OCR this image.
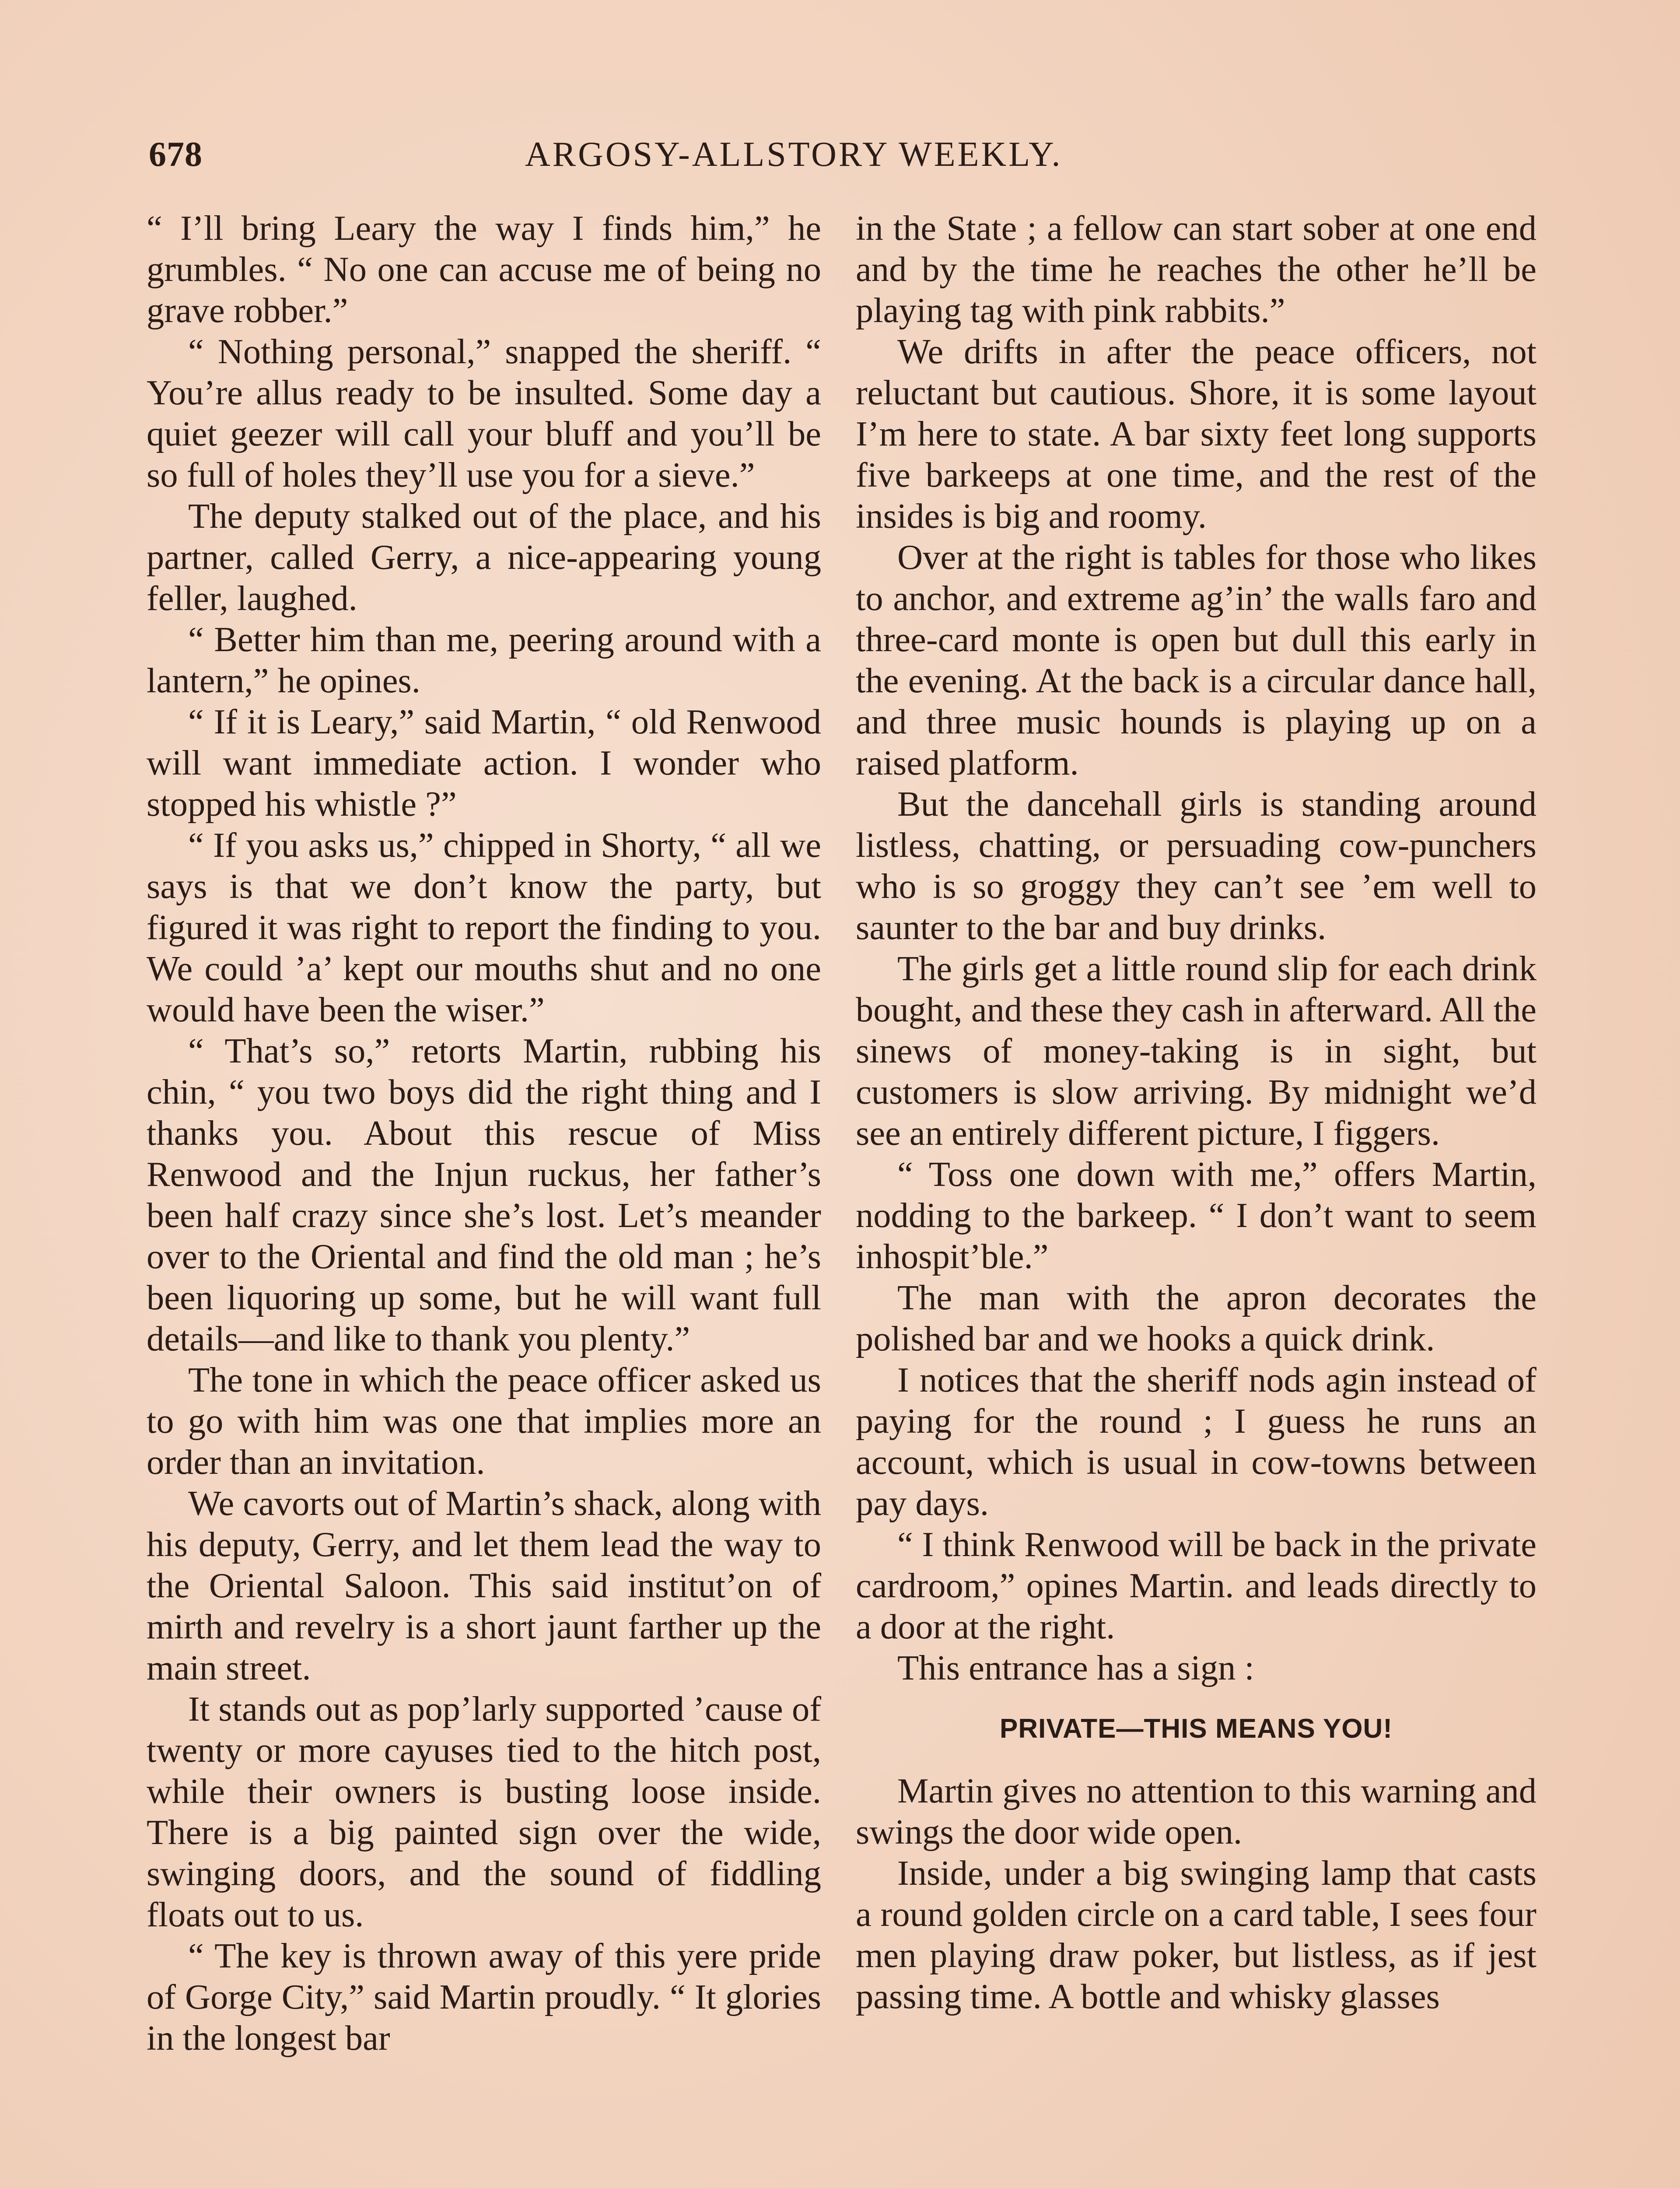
678	ARGOSY-ALLSTORY WEEKLY.

“ I’ll bring Leary the way I finds him,” he grumbles. “ No one can accuse me of being no grave robber.”

“ Nothing personal,” snapped the sheriff. “ You’re allus ready to be insulted. Some day a quiet geezer will call your bluff and you’ll be so full of holes they’ll use you for a sieve.”

The deputy stalked out of the place, and his partner, called Gerry, a nice-appearing young feller, laughed.

“ Better him than me, peering around with a lantern,” he opines.

“ If it is Leary,” said Martin, “ old Renwood will want immediate action. I wonder who stopped his whistle ?”

“ If you asks us,” chipped in Shorty, “ all we says is that we don’t know the party, but figured it was right to report the finding to you. We could ’a’ kept our mouths shut and no one would have been the wiser.”

“ That’s so,” retorts Martin, rubbing his chin, “ you two boys did the right thing and I thanks you. About this rescue of Miss Renwood and the Injun ruckus, her father’s been half crazy since she’s lost. Let’s meander over to the Oriental and find the old man ; he’s been liquoring up some, but he will want full details—and like to thank you plenty.”

The tone in which the peace officer asked us to go with him was one that implies more an order than an invitation.

We cavorts out of Martin’s shack, along with his deputy, Gerry, and let them lead the way to the Oriental Saloon. This said institut’on of mirth and revelry is a short jaunt farther up the main street.

It stands out as pop’larly supported ’cause of twenty or more cayuses tied to the hitch post, while their owners is busting loose inside. There is a big painted sign over the wide, swinging doors, and the sound of fiddling floats out to us.

“ The key is thrown away of this yere pride of Gorge City,” said Martin proudly. “ It glories in the longest bar

in the State ; a fellow can start sober at one end and by the time he reaches the other he’ll be playing tag with pink rabbits.”

We drifts in after the peace officers, not reluctant but cautious. Shore, it is some layout I’m here to state. A bar sixty feet long supports five barkeeps at one time, and the rest of the insides is big and roomy.

Over at the right is tables for those who likes to anchor, and extreme ag’in’ the walls faro and three-card monte is open but dull this early in the evening. At the back is a circular dance hall, and three music hounds is playing up on a raised platform.

But the dancehall girls is standing around listless, chatting, or persuading cow-punchers who is so groggy they can’t see ’em well to saunter to the bar and buy drinks.

The girls get a little round slip for each drink bought, and these they cash in afterward. All the sinews of money-taking is in sight, but customers is slow arriving. By midnight we’d see an entirely different picture, I figgers.

“ Toss one down with me,” offers Martin, nodding to the barkeep. “ I don’t want to seem inhospit’ble.”

The man with the apron decorates the polished bar and we hooks a quick drink.

I notices that the sheriff nods agin instead of paying for the round ; I guess he runs an account, which is usual in cow-towns between pay days.

“ I think Renwood will be back in the private cardroom,” opines Martin. and leads directly to a door at the right.

This entrance has a sign :

PRIVATE—THIS MEANS YOU!

Martin gives no attention to this warning and swings the door wide open.

Inside, under a big swinging lamp that casts a round golden circle on a card table, I sees four men playing draw poker, but listless, as if jest passing time. A bottle and whisky glasses
